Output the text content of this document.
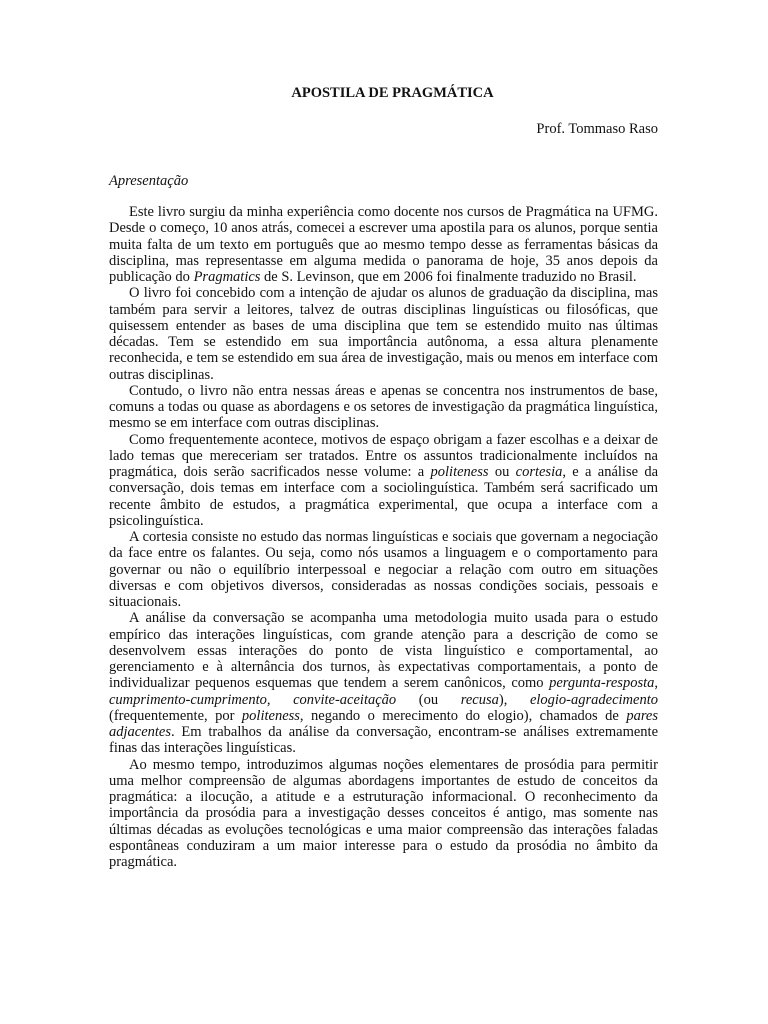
APOSTILA DE PRAGMÁTICA
Prof. Tommaso Raso
Apresentação

Este livro surgiu da minha experiência como docente nos cursos de Pragmática na UFMG. Desde o começo, 10 anos atrás, comecei a escrever uma apostila para os alunos, porque sentia muita falta de um texto em português que ao mesmo tempo desse as ferramentas básicas da disciplina, mas representasse em alguma medida o panorama de hoje, 35 anos depois da publicação do Pragmatics de S. Levinson, que em 2006 foi finalmente traduzido no Brasil.

O livro foi concebido com a intenção de ajudar os alunos de graduação da disciplina, mas também para servir a leitores, talvez de outras disciplinas linguísticas ou filosóficas, que quisessem entender as bases de uma disciplina que tem se estendido muito nas últimas décadas. Tem se estendido em sua importância autônoma, a essa altura plenamente reconhecida, e tem se estendido em sua área de investigação, mais ou menos em interface com outras disciplinas.

Contudo, o livro não entra nessas áreas e apenas se concentra nos instrumentos de base, comuns a todas ou quase as abordagens e os setores de investigação da pragmática linguística, mesmo se em interface com outras disciplinas.

Como frequentemente acontece, motivos de espaço obrigam a fazer escolhas e a deixar de lado temas que mereceriam ser tratados. Entre os assuntos tradicionalmente incluídos na pragmática, dois serão sacrificados nesse volume: a politeness ou cortesia, e a análise da conversação, dois temas em interface com a sociolinguística. Também será sacrificado um recente âmbito de estudos, a pragmática experimental, que ocupa a interface com a psicolinguística.

A cortesia consiste no estudo das normas linguísticas e sociais que governam a negociação da face entre os falantes. Ou seja, como nós usamos a linguagem e o comportamento para governar ou não o equilíbrio interpessoal e negociar a relação com outro em situações diversas e com objetivos diversos, consideradas as nossas condições sociais, pessoais e situacionais.

A análise da conversação se acompanha uma metodologia muito usada para o estudo empírico das interações linguísticas, com grande atenção para a descrição de como se desenvolvem essas interações do ponto de vista linguístico e comportamental, ao gerenciamento e à alternância dos turnos, às expectativas comportamentais, a ponto de individualizar pequenos esquemas que tendem a serem canônicos, como pergunta-resposta, cumprimento-cumprimento, convite-aceitação (ou recusa), elogio-agradecimento (frequentemente, por politeness, negando o merecimento do elogio), chamados de pares adjacentes. Em trabalhos da análise da conversação, encontram-se análises extremamente finas das interações linguísticas.

Ao mesmo tempo, introduzimos algumas noções elementares de prosódia para permitir uma melhor compreensão de algumas abordagens importantes de estudo de conceitos da pragmática: a ilocução, a atitude e a estruturação informacional. O reconhecimento da importância da prosódia para a investigação desses conceitos é antigo, mas somente nas últimas décadas as evoluções tecnológicas e uma maior compreensão das interações faladas espontâneas conduziram a um maior interesse para o estudo da prosódia no âmbito da pragmática.
